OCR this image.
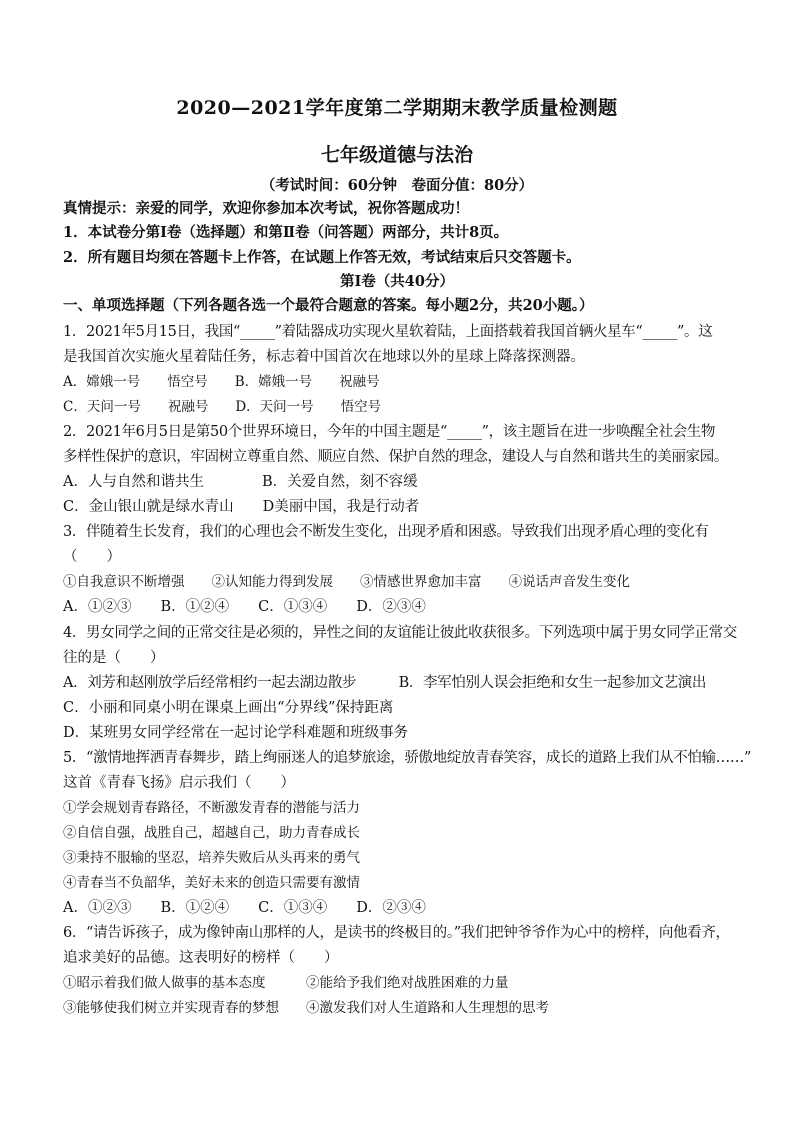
2020—2021学年度第二学期期末教学质量检测题
七年级道德与法治
（考试时间：60分钟　卷面分值：80分）
真情提示：亲爱的同学，欢迎你参加本次考试，祝你答题成功！
1．本试卷分第Ⅰ卷（选择题）和第Ⅱ卷（问答题）两部分，共计8页。
2．所有题目均须在答题卡上作答，在试题上作答无效，考试结束后只交答题卡。
第Ⅰ卷（共40分）
一、单项选择题（下列各题各选一个最符合题意的答案。每小题2分，共20小题。）
1．2021年5月15日，我国“_____”着陆器成功实现火星软着陆，上面搭载着我国首辆火星车“_____”。这
是我国首次实施火星着陆任务，标志着中国首次在地球以外的星球上降落探测器。
A．嫦娥一号　　悟空号　　B．嫦娥一号　　祝融号
C．天问一号　　祝融号　　D．天问一号　　悟空号
2．2021年6月5日是第50个世界环境日，今年的中国主题是“_____”，该主题旨在进一步唤醒全社会生物
多样性保护的意识，牢固树立尊重自然、顺应自然、保护自然的理念，建设人与自然和谐共生的美丽家园。
A．人与自然和谐共生　　　　B．关爱自然，刻不容缓
C．金山银山就是绿水青山　　D美丽中国，我是行动者
3．伴随着生长发育，我们的心理也会不断发生变化，出现矛盾和困惑。导致我们出现矛盾心理的变化有
（　　）
①自我意识不断增强　　②认知能力得到发展　　③情感世界愈加丰富　　④说话声音发生变化
A．①②③　　B．①②④　　C．①③④　　D．②③④
4．男女同学之间的正常交往是必须的，异性之间的友谊能让彼此收获很多。下列选项中属于男女同学正常交
往的是（　　）
A．刘芳和赵刚放学后经常相约一起去湖边散步　　　B．李军怕别人误会拒绝和女生一起参加文艺演出
C．小丽和同桌小明在课桌上画出“分界线”保持距离
D．某班男女同学经常在一起讨论学科难题和班级事务
5．“激情地挥洒青春舞步，踏上绚丽迷人的追梦旅途，骄傲地绽放青春笑容，成长的道路上我们从不怕输……”
这首《青春飞扬》启示我们（　　）
①学会规划青春路径，不断激发青春的潜能与活力
②自信自强，战胜自己，超越自己，助力青春成长
③秉持不服输的坚忍，培养失败后从头再来的勇气
④青春当不负韶华，美好未来的创造只需要有激情
A．①②③　　B．①②④　　C．①③④　　D．②③④
6．“请告诉孩子，成为像钟南山那样的人，是读书的终极目的。”我们把钟爷爷作为心中的榜样，向他看齐，
追求美好的品德。这表明好的榜样（　　）
①昭示着我们做人做事的基本态度　　　②能给予我们绝对战胜困难的力量
③能够使我们树立并实现青春的梦想　　④激发我们对人生道路和人生理想的思考
